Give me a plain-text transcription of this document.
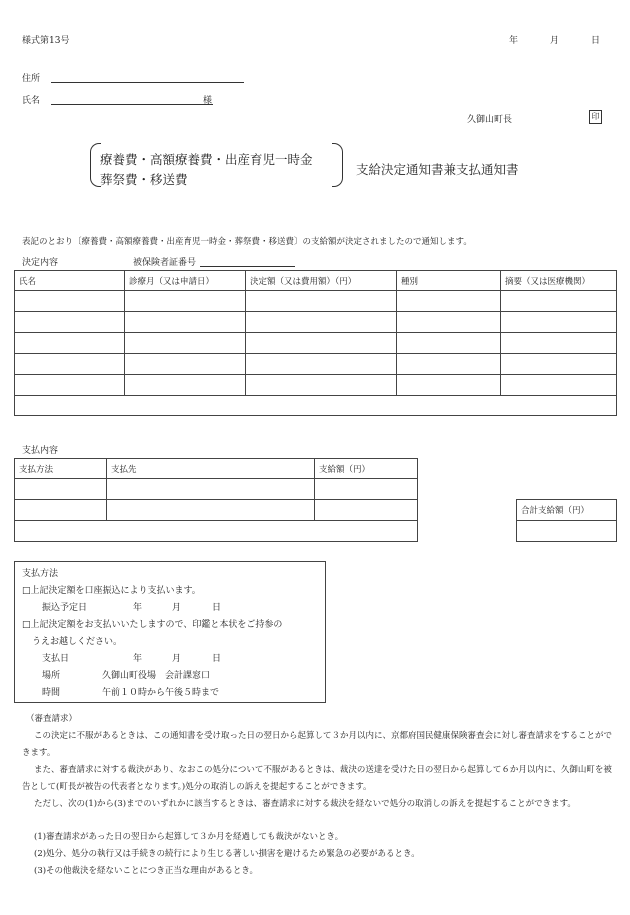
様式第13号	年	月	日
住所
氏名	様
久御山町長	印
療養費・高額療養費・出産育児一時金
葬祭費・移送費
支給決定通知書兼支払通知書
表記のとおり〔療養費・高額療養費・出産育児一時金・葬祭費・移送費〕の支給額が決定されましたので通知します。
決定内容	被保険者証番号
氏名	診療月（又は申請日）	決定額（又は費用額）（円）	種別	摘要（又は医療機関）

支払内容
支払方法	支払先	支給額（円）

合計支給額（円）

支払方法
□上記決定額を口座振込により支払います。
振込予定日	年	月	日
□上記決定額をお支払いいたしますので、印鑑と本状をご持参の
うえお越しください。
支払日	年	月	日
場所	久御山町役場　会計課窓口
時間	午前１０時から午後５時まで
（審査請求）
この決定に不服があるときは、この通知書を受け取った日の翌日から起算して３か月以内に、京都府国民健康保険審査会に対し審査請求をすることができます。
また、審査請求に対する裁決があり、なおこの処分について不服があるときは、裁決の送達を受けた日の翌日から起算して６か月以内に、久御山町を被告として(町長が被告の代表者となります。)処分の取消しの訴えを提起することができます。
ただし、次の(1)から(3)までのいずれかに該当するときは、審査請求に対する裁決を経ないで処分の取消しの訴えを提起することができます。
(1)審査請求があった日の翌日から起算して３か月を経過しても裁決がないとき。
(2)処分、処分の執行又は手続きの続行により生じる著しい損害を避けるため緊急の必要があるとき。
(3)その他裁決を経ないことにつき正当な理由があるとき。
